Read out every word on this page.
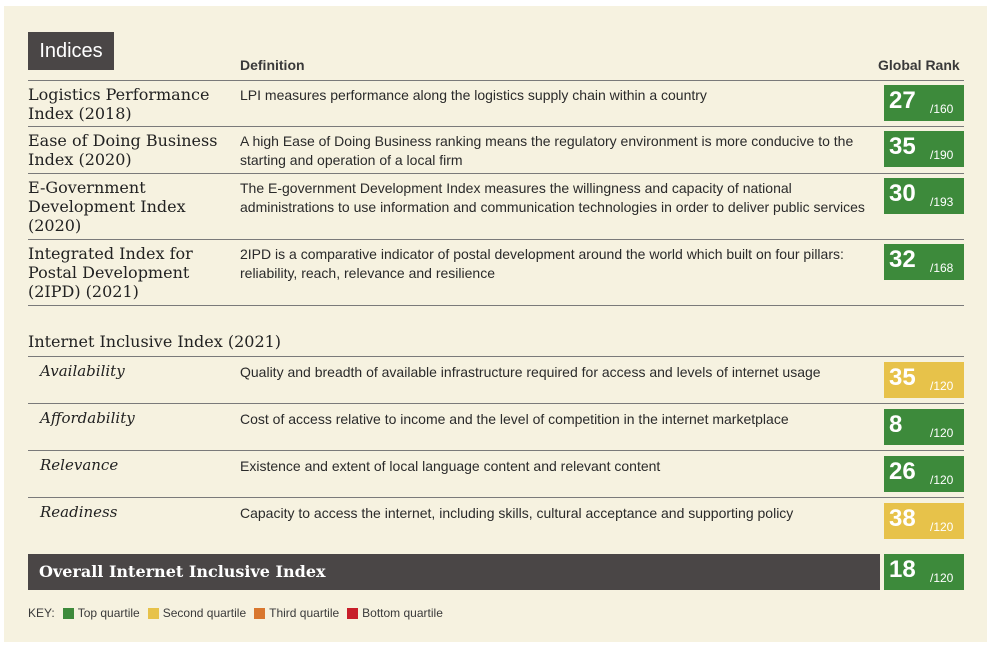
Indices
Definition	Global Rank
Logistics Performance Index (2018)
LPI measures performance along the logistics supply chain within a country	27 /160
Ease of Doing Business Index (2020)
A high Ease of Doing Business ranking means the regulatory environment is more conducive to the starting and operation of a local firm	35 /190
E-Government Development Index (2020)
The E-government Development Index measures the willingness and capacity of national administrations to use information and communication technologies in order to deliver public services 30 /193
Integrated Index for Postal Development (2IPD) (2021)
2IPD is a comparative indicator of postal development around the world which built on four pillars: reliability, reach, relevance and resilience	32 /168
Internet Inclusive Index (2021)
Availability	Quality and breadth of available infrastructure required for access and levels of internet usage	35 /120
Affordability	Cost of access relative to income and the level of competition in the internet marketplace	8 /120
Relevance	Existence and extent of local language content and relevant content	26 /120
Readiness	Capacity to access the internet, including skills, cultural acceptance and supporting policy	38 /120
Overall Internet Inclusive Index	18 /120
KEY: Top quartile Second quartile Third quartile Bottom quartile
